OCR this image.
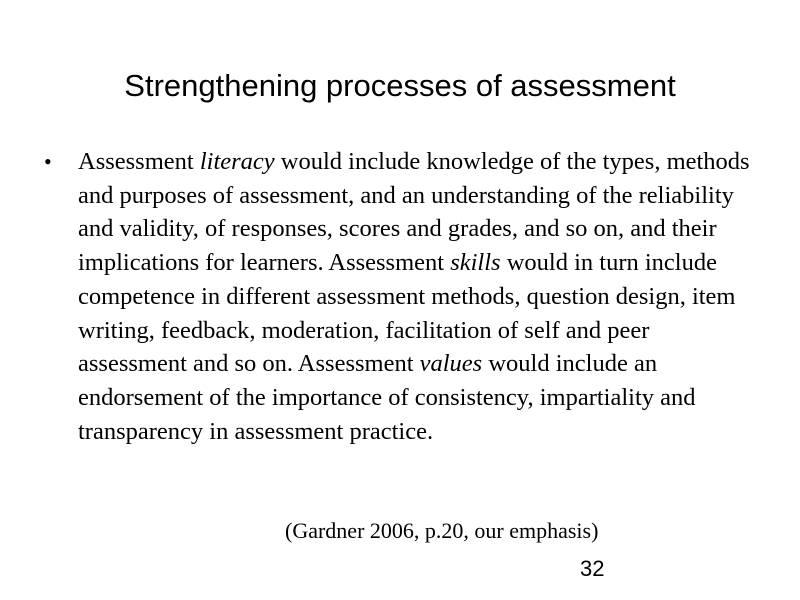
Strengthening processes of assessment
• Assessment literacy would include knowledge of the types, methods and purposes of assessment, and an understanding of the reliability and validity, of responses, scores and grades, and so on, and their implications for learners. Assessment skills would in turn include competence in different assessment methods, question design, item writing, feedback, moderation, facilitation of self and peer assessment and so on. Assessment values would include an endorsement of the importance of consistency, impartiality and transparency in assessment practice.
(Gardner 2006, p.20, our emphasis)
32
